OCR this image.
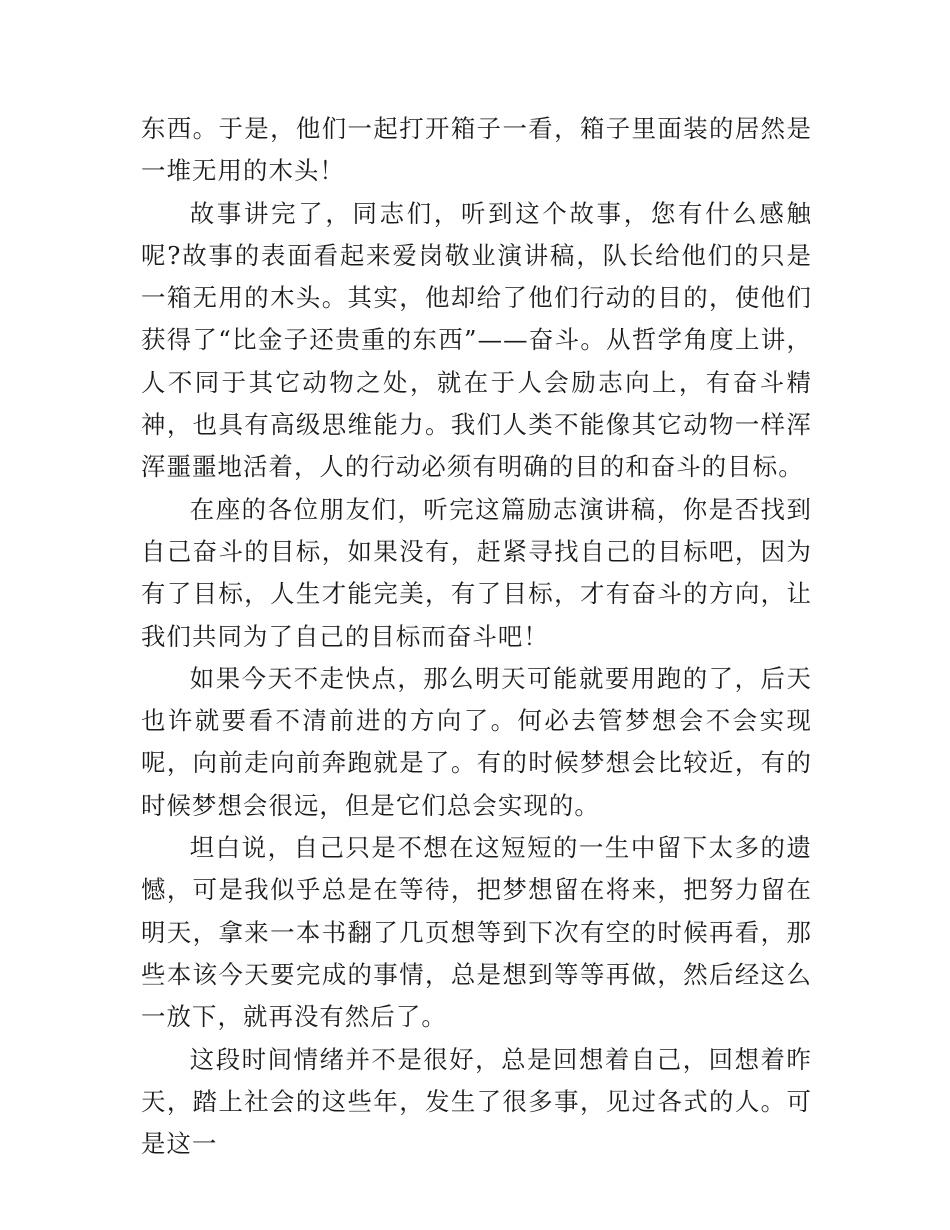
东西。于是，他们一起打开箱子一看，箱子里面装的居然是一堆无用的木头！

故事讲完了，同志们，听到这个故事，您有什么感触呢?故事的表面看起来爱岗敬业演讲稿，队长给他们的只是一箱无用的木头。其实，他却给了他们行动的目的，使他们获得了“比金子还贵重的东西”——奋斗。从哲学角度上讲，人不同于其它动物之处，就在于人会励志向上，有奋斗精神，也具有高级思维能力。我们人类不能像其它动物一样浑浑噩噩地活着，人的行动必须有明确的目的和奋斗的目标。

在座的各位朋友们，听完这篇励志演讲稿，你是否找到自己奋斗的目标，如果没有，赶紧寻找自己的目标吧，因为有了目标，人生才能完美，有了目标，才有奋斗的方向，让我们共同为了自己的目标而奋斗吧！

如果今天不走快点，那么明天可能就要用跑的了，后天也许就要看不清前进的方向了。何必去管梦想会不会实现呢，向前走向前奔跑就是了。有的时候梦想会比较近，有的时候梦想会很远，但是它们总会实现的。

坦白说，自己只是不想在这短短的一生中留下太多的遗憾，可是我似乎总是在等待，把梦想留在将来，把努力留在明天，拿来一本书翻了几页想等到下次有空的时候再看，那些本该今天要完成的事情，总是想到等等再做，然后经这么一放下，就再没有然后了。

这段时间情绪并不是很好，总是回想着自己，回想着昨天，踏上社会的这些年，发生了很多事，见过各式的人。可是这一
